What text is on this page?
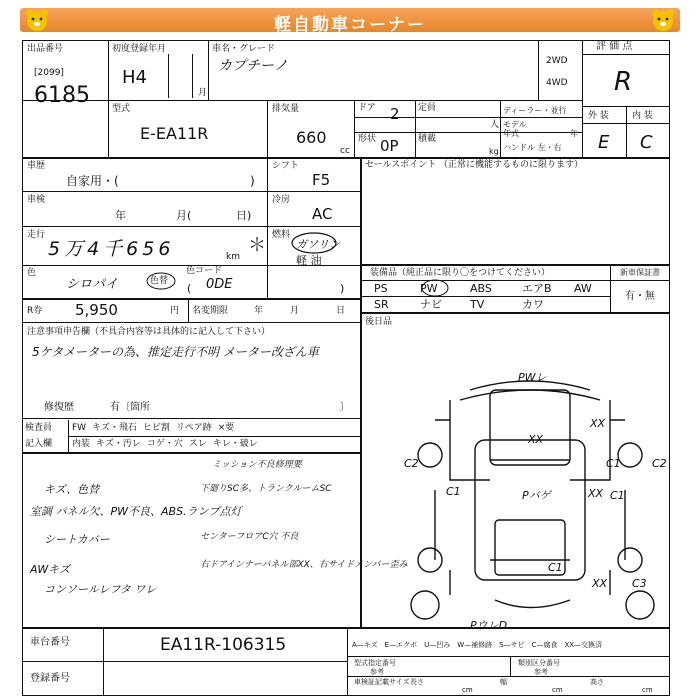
軽自動車コーナー
出品番号
[2099]
6185
初度登録年月
H4
月
車名・グレード
カプチーノ	2WD
4WD
評 価 点
R
型式
E-EA11R
排気量
660
cc
ドア 2 定員
人
ディーラー・並行
モデル
年式	年
ハンドル 左・右
形状 0P 積載
kg
外 装	内 装
E C
車歴
自家用・(	)
シフト
F5
車検
年	月(	日)
冷房
AC
走行
5万4千656	km
＊ 燃料
ガソリン
軽 油
色
シロパイ	色替
色コード
0DE
(	)
R券 5,950	円 名変期限	年	月	日
注意事項申告欄（不具合内容等は具体的に記入して下さい）
5ケタメーターの為、推定走行不明 メーター改ざん車
修復歴	有〔箇所	〕
検査員
記入欄
FW キズ・飛石 ヒビ割 リペア跡 ×要
内装 キズ・汚レ コゲ・穴 スレ キレ・破レ
キズ、色替
室調 パネル欠、PW不良、ABS.ランプ点灯
シートカバー
AWキズ
コンソールレフタ ワレ
セールスポイント （正常に機能するものに限ります）
装備品（純正品に限り〇をつけてください）
PS	PW	ABS	エアB	AW
SR	ナビ	TV	カワ
新車保証書
有・無
後日品
PWレ
XX
XX
C2	C1	C2
C1	C1
Pバゲ	XX
C1
XX C3
PウレD
ミッション不良修理要
下廻りSC多、トランクルームSC
センターフロアC穴 不良
右ドアインナーパネル部XX、右サイドメンバー歪み
車台番号	EA11R-106315
登録番号
A—キズ　E—エクボ　U—凹み　W—補修跡　S—サビ　C—腐食　XX—交換済
型式指定番号
参考
類別区分番号
参考
車検証記載サイズ 長さ	幅	高さ
cm	cm	cm
